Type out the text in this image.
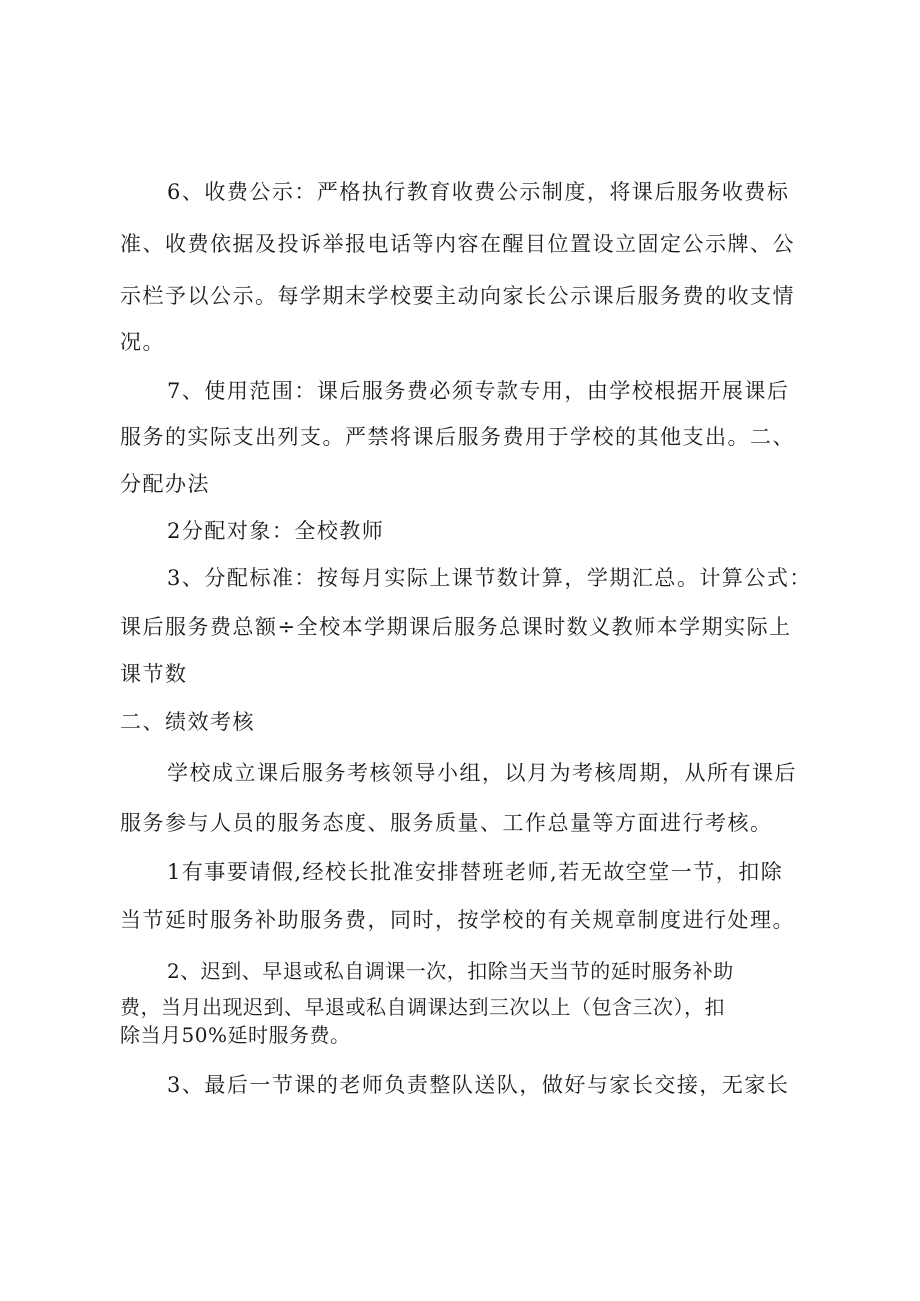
6、收费公示：严格执行教育收费公示制度，将课后服务收费标
准、收费依据及投诉举报电话等内容在醒目位置设立固定公示牌、公
示栏予以公示。每学期末学校要主动向家长公示课后服务费的收支情
况。
7、使用范围：课后服务费必须专款专用，由学校根据开展课后
服务的实际支出列支。严禁将课后服务费用于学校的其他支出。二、
分配办法
2分配对象：全校教师
3、分配标准：按每月实际上课节数计算，学期汇总。计算公式：
课后服务费总额÷全校本学期课后服务总课时数义教师本学期实际上
课节数
二、绩效考核
学校成立课后服务考核领导小组，以月为考核周期，从所有课后
服务参与人员的服务态度、服务质量、工作总量等方面进行考核。
1有事要请假,经校长批准安排替班老师,若无故空堂一节，扣除
当节延时服务补助服务费，同时，按学校的有关规章制度进行处理。
2、迟到、早退或私自调课一次，扣除当天当节的延时服务补助
费，当月出现迟到、早退或私自调课达到三次以上（包含三次），扣
除当月50%延时服务费。
3、最后一节课的老师负责整队送队，做好与家长交接，无家长
